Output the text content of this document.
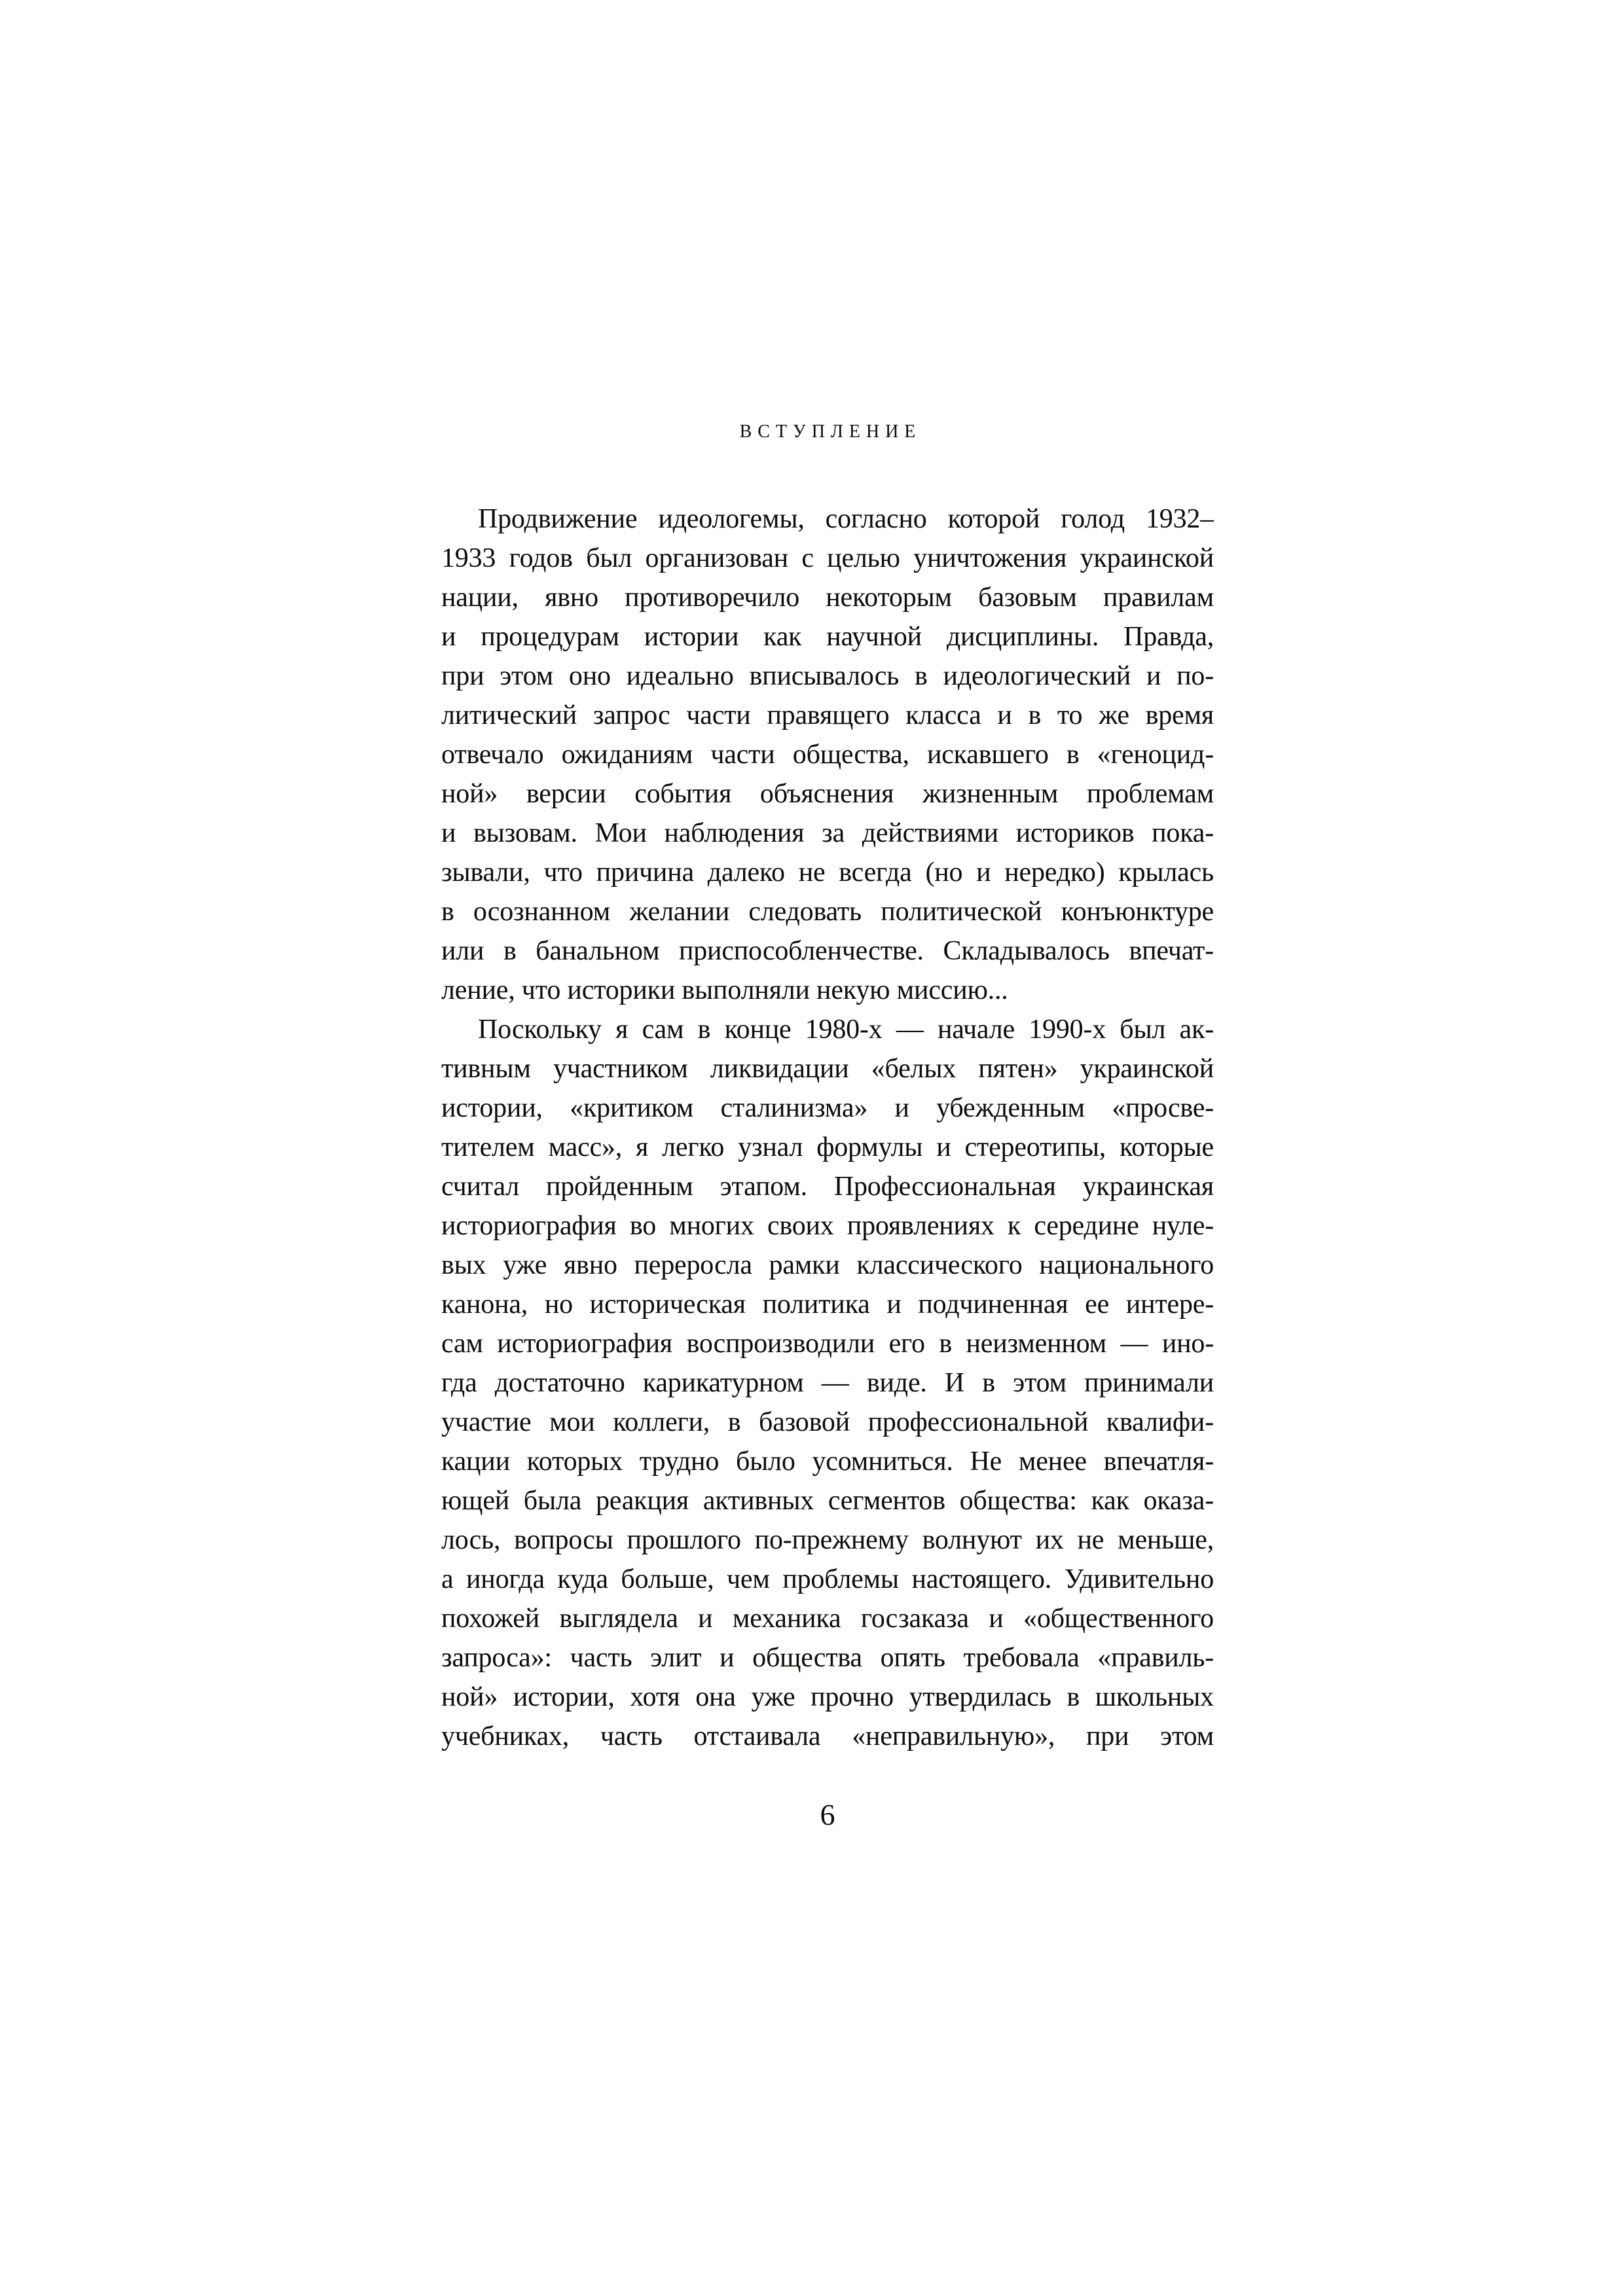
ВСТУПЛЕНИЕ
Продвижение идеологемы, согласно которой голод 1932–
1933 годов был организован с целью уничтожения украинской
нации, явно противоречило некоторым базовым правилам
и процедурам истории как научной дисциплины. Правда,
при этом оно идеально вписывалось в идеологический и по-
литический запрос части правящего класса и в то же время
отвечало ожиданиям части общества, искавшего в «геноцид-
ной» версии события объяснения жизненным проблемам
и вызовам. Мои наблюдения за действиями историков пока-
зывали, что причина далеко не всегда (но и нередко) крылась
в осознанном желании следовать политической конъюнктуре
или в банальном приспособленчестве. Складывалось впечат-
ление, что историки выполняли некую миссию...
Поскольку я сам в конце 1980-х — начале 1990-х был ак-
тивным участником ликвидации «белых пятен» украинской
истории, «критиком сталинизма» и убежденным «просве-
тителем масс», я легко узнал формулы и стереотипы, которые
считал пройденным этапом. Профессиональная украинская
историография во многих своих проявлениях к середине нуле-
вых уже явно переросла рамки классического национального
канона, но историческая политика и подчиненная ее интере-
сам историография воспроизводили его в неизменном — ино-
гда достаточно карикатурном — виде. И в этом принимали
участие мои коллеги, в базовой профессиональной квалифи-
кации которых трудно было усомниться. Не менее впечатля-
ющей была реакция активных сегментов общества: как оказа-
лось, вопросы прошлого по-прежнему волнуют их не меньше,
а иногда куда больше, чем проблемы настоящего. Удивительно
похожей выглядела и механика госзаказа и «общественного
запроса»: часть элит и общества опять требовала «правиль-
ной» истории, хотя она уже прочно утвердилась в школьных
учебниках, часть отстаивала «неправильную», при этом
6
